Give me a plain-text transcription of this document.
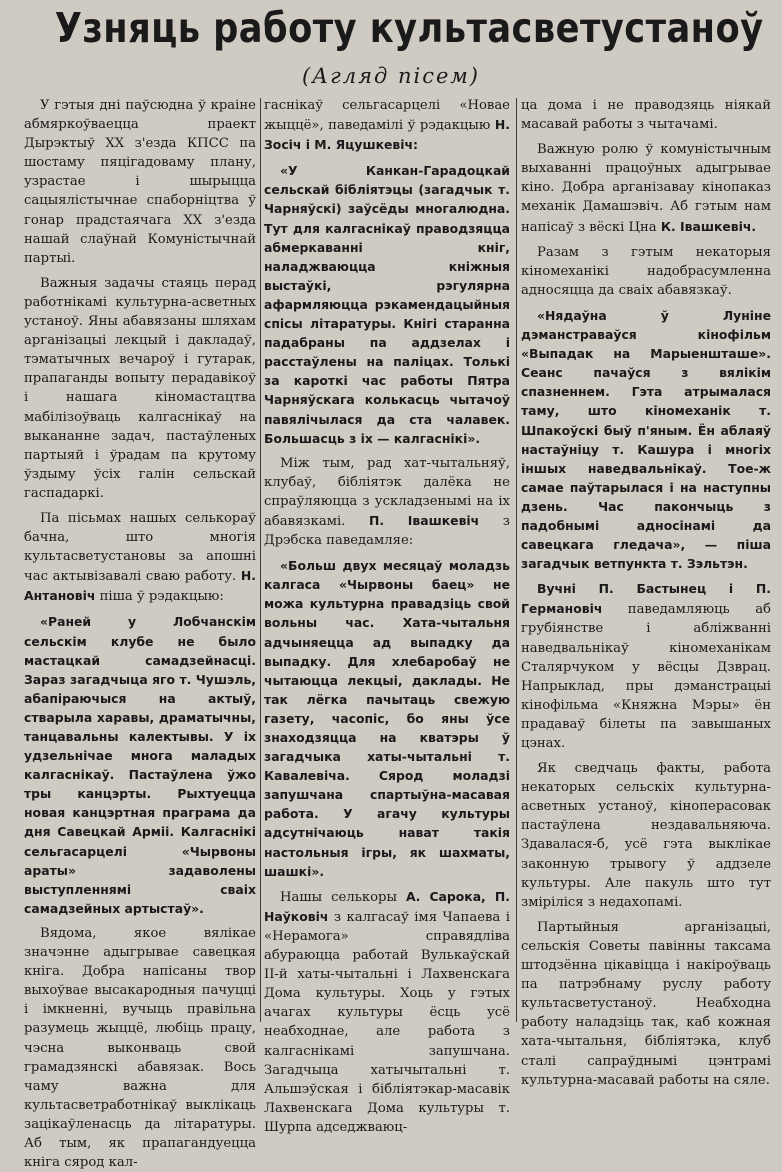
Узняць работу культасветустаноў
(Агляд пісем)

У гэтыя дні паўсюдна ў краіне абмяркоўваецца праект Дырэктыў XX з'езда КПСС па шостаму пяцігадоваму плану, узрастае і шырыцца сацыялістычнае спаборніцтва ў гонар прадстаячага XX з'езда нашай слаўнай Комуністычнай партыі.

Важныя задачы стаяць перад работнікамі культурна-асветных устаноў. Яны абавязаны шляхам арганізацыі лекцый і дакладаў, тэматычных вечароў і гутарак, прапаганды вопыту перадавікоў і нашага кіномастацтва мабілізоўваць калгаснікаў на выкананне задач, пастаўленых партыяй і ўрадам па крутому ўздыму ўсіх галін сельскай гаспадаркі.

Па пісьмах нашых селькораў бачна, што многія культасветустановы за апошні час актывізавалі сваю работу. Н. Антановіч піша ў рэдакцыю:

«Раней у Лобчанскім сельскім клубе не было мастацкай самадзейнасці. Зараз загадчыца яго т. Чушэль, абапіраючыся на актыў, стварыла харавы, драматычны, танцавальны калектывы. У іх удзельнічае многа маладых калгаснікаў. Пастаўлена ўжо тры канцэрты. Рыхтуецца новая канцэртная праграма да дня Савецкай Арміі. Калгаснікі сельгасарцелі «Чырвоны араты» задаволены выступленнямі сваіх самадзейных артыстаў».

Вядома, якое вялікае значэнне адыгрывае савецкая кніга. Добра напісаны твор выхоўвае высакародныя пачуцці і імкненні, вучыць правільна разумець жыццё, любіць працу, чэсна выконваць свой грамадзянскі абавязак. Вось чаму важна для культасветработнікаў выклікаць зацікаўленасць да літаратуры. Аб тым, як прапагандуецца кніга сярод кал-

гаснікаў сельгасарцелі «Новае жыццё», паведамілі ў рэдакцыю Н. Зосіч і М. Яцушкевіч:

«У Канкан-Гарадоцкай сельскай бібліятэцы (загадчык т. Чарняўскі) заўсёды многалюдна. Тут для калгаснікаў праводзяцца абмеркаванні кніг, наладжваюцца кніжныя выстаўкі, рэгулярна афармляюцца рэкамендацыйныя спісы літаратуры. Кнігі старанна падабраны па аддзелах і расстаўлены на паліцах. Толькі за кароткі час работы Пятра Чарняўскага колькасць чытачоў павялічылася да ста чалавек. Большасць з іх — калгаснікі».

Між тым, рад хат-чытальняў, клубаў, бібліятэк далёка не спраўляюцца з ускладзенымі на іх абавязкамі. П. Івашкевіч з Дрэбска паведамляе:

«Больш двух месяцаў моладзь калгаса «Чырвоны баец» не можа культурна правадзіць свой вольны час. Хата-чытальня адчыняецца ад выпадку да выпадку. Для хлебаробаў не чытаюцца лекцыі, даклады. Не так лёгка пачытаць свежую газету, часопіс, бо яны ўсе знаходзяцца на кватэры ў загадчыка хаты-чытальні т. Кавалевіча. Сярод моладзі запушчана спартыўна-масавая работа. У агачу культуры адсутнічаюць нават такія настольныя ігры, як шахматы, шашкі».

Нашы селькоры А. Сарока, П. Наўковіч з калгасаў імя Чапаева і «Нерамога» справядліва абураюцца работай Вулькаўскай ІІ-й хаты-чытальні і Лахвенскага Дома культуры. Хоць у гэтых ачагах культуры ёсць усё неабходнае, але работа з калгаснікамі запушчана. Загадчыца хатычытальні т. Альшэўская і бібліятэкар-масавік Лахвенскага Дома культуры т. Шурпа адседжваюц-

ца дома і не праводзяць ніякай масавай работы з чытачамі.

Важную ролю ў комуністычным выхаванні працоўных адыгрывае кіно. Добра арганізавау кінопаказ механік Дамашэвіч. Аб гэтым нам напісаў з вёскі Цна К. Івашкевіч.

Разам з гэтым некаторыя кіномеханікі надобрасумленна адносяцца да сваіх абавязкаў.

«Нядаўна ў Луніне дэманстраваўся кінофільм «Выпадак на Марыеншташе». Сеанс пачаўся з вялікім спазненнем. Гэта атрымалася таму, што кіномеханік т. Шпакоўскі быў п'яным. Ён аблаяў настаўніцу т. Кашура і многіх іншых наведвальнікаў. Тое-ж самае паўтарылася і на наступны дзень. Час пакончыць з падобнымі адносінамі да савецкага гледача», — піша загадчык ветпункта т. Зэльтэн.

Вучні П. Бастынец і П. Германовіч паведамляюць аб грубіянстве і абліжванні наведвальнікаў кіномеханікам Сталярчуком у вёсцы Дзврац. Напрыклад, пры дэманстрацыі кінофільма «Княжна Мэры» ён прадаваў білеты па завышаных цэнах.

Як сведчаць факты, работа некаторых сельскіх культурна-асветных устаноў, кіноперасовак пастаўлена нездавальняюча. Здавалася-б, усё гэта выклікае законную трывогу ў аддзеле культуры. Але пакуль што тут зміріліся з недахопамі.

Партыйныя арганізацыі, сельскія Советы павінны таксама штодзённа цікавіцца і накіроўваць па патрэбнаму руслу работу культасветустаноў. Неабходна работу наладзіць так, каб кожная хата-чытальня, бібліятэка, клуб сталі сапраўднымі цэнтрамі культурна-масавай работы на сяле.
